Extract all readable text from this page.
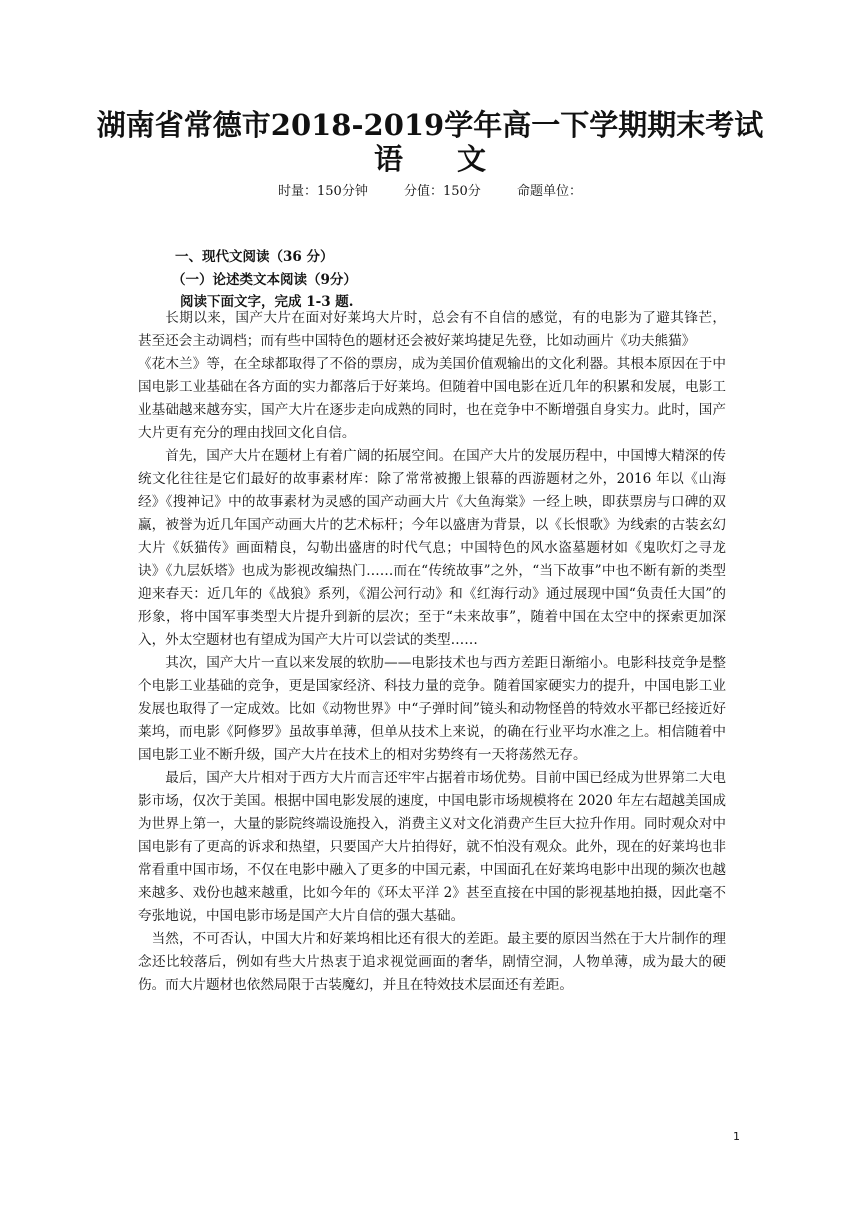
湖南省常德市2018-2019学年高一下学期期末考试
语 文
时量：150分钟	分值：150分	命题单位：
一、现代文阅读（36 分）
（一）论述类文本阅读（9分）
阅读下面文字，完成 1-3 题.

长期以来，国产大片在面对好莱坞大片时，总会有不自信的感觉，有的电影为了避其锋芒， 甚至还会主动调档；而有些中国特色的题材还会被好莱坞捷足先登，比如动画片《功夫熊猫》

《花木兰》等，在全球都取得了不俗的票房，成为美国价值观输出的文化利器。其根本原因在于中国电影工业基础在各方面的实力都落后于好莱坞。但随着中国电影在近几年的积累和发展，电影工业基础越来越夯实，国产大片在逐步走向成熟的同时，也在竞争中不断增强自身实力。此时，国产大片更有充分的理由找回文化自信。

首先，国产大片在题材上有着广阔的拓展空间。在国产大片的发展历程中，中国博大精深的传统文化往往是它们最好的故事素材库：除了常常被搬上银幕的西游题材之外，2016 年以《山海经》《搜神记》中的故事素材为灵感的国产动画大片《大鱼海棠》一经上映，即获票房与口碑的双赢，被誉为近几年国产动画大片的艺术标杆；今年以盛唐为背景，以《长恨歌》为线索的古装玄幻大片《妖猫传》画面精良，勾勒出盛唐的时代气息；中国特色的风水盗墓题材如《鬼吹灯之寻龙诀》《九层妖塔》也成为影视改编热门……而在“传统故事”之外，“当下故事”中也不断有新的类型迎来春天：近几年的《战狼》系列，《湄公河行动》和《红海行动》通过展现中国“负责任大国”的形象，将中国军事类型大片提升到新的层次；至于“未来故事”，随着中国在太空中的探索更加深入，外太空题材也有望成为国产大片可以尝试的类型……

其次，国产大片一直以来发展的软肋——电影技术也与西方差距日渐缩小。电影科技竞争是整个电影工业基础的竞争，更是国家经济、科技力量的竞争。随着国家硬实力的提升，中国电影工业发展也取得了一定成效。比如《动物世界》中“子弹时间”镜头和动物怪兽的特效水平都已经接近好莱坞，而电影《阿修罗》虽故事单薄，但单从技术上来说，的确在行业平均水准之上。相信随着中国电影工业不断升级，国产大片在技术上的相对劣势终有一天将荡然无存。

最后，国产大片相对于西方大片而言还牢牢占据着市场优势。目前中国已经成为世界第二大电影市场，仅次于美国。根据中国电影发展的速度，中国电影市场规模将在 2020 年左右超越美国成为世界上第一，大量的影院终端设施投入，消费主义对文化消费产生巨大拉升作用。同时观众对中国电影有了更高的诉求和热望，只要国产大片拍得好，就不怕没有观众。此外，现在的好莱坞也非常看重中国市场，不仅在电影中融入了更多的中国元素，中国面孔在好莱坞电影中出现的频次也越来越多、戏份也越来越重，比如今年的《环太平洋 2》甚至直接在中国的影视基地拍摄，因此毫不夸张地说，中国电影市场是国产大片自信的强大基础。

当然，不可否认，中国大片和好莱坞相比还有很大的差距。最主要的原因当然在于大片制作的理念还比较落后，例如有些大片热衷于追求视觉画面的奢华，剧情空洞，人物单薄，成为最大的硬伤。而大片题材也依然局限于古装魔幻，并且在特效技术层面还有差距。

1
